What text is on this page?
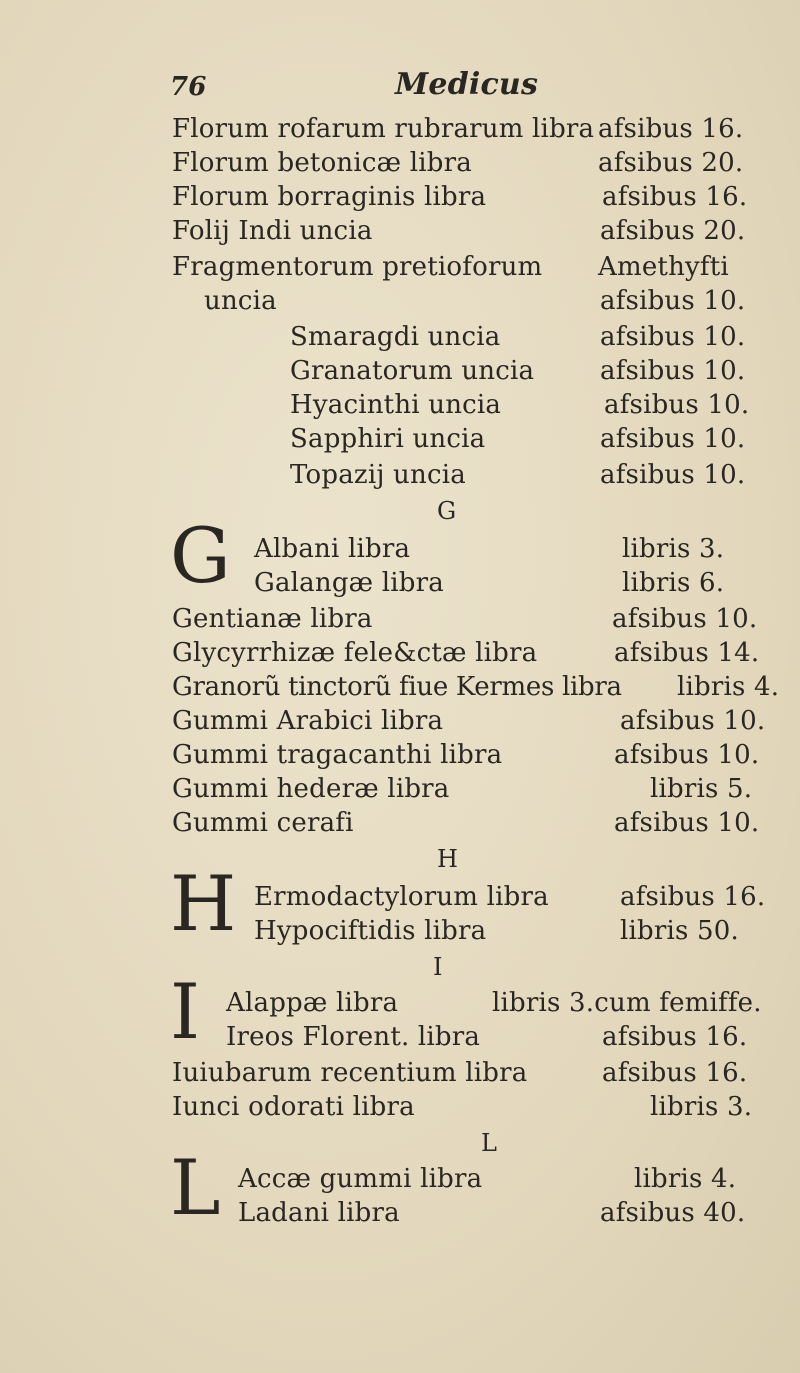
76	Medicus
Florum rofarum rubrarum libra afsibus 16.
Florum betonicæ libra	afsibus 20.
Florum borraginis libra	afsibus 16.
Folij Indi uncia	afsibus 20.
Fragmentorum pretioforum Amethyfti
uncia	afsibus 10.
Smaragdi uncia	afsibus 10.
Granatorum uncia	afsibus 10.
Hyacinthi uncia	afsibus 10.
Sapphiri uncia	afsibus 10.
Topazij uncia	afsibus 10.
G
G Albani libra	libris 3.
Galangæ libra	libris 6.
Gentianæ libra	afsibus 10.
Glycyrrhizæ fele&ctæ libra	afsibus 14.
Granorũ tinctorũ fiue Kermes libra libris 4.
Gummi Arabici libra	afsibus 10.
Gummi tragacanthi libra	afsibus 10.
Gummi hederæ libra	libris 5.
Gummi cerafi	afsibus 10.
H
H Ermodactylorum libra	afsibus 16.
Hypociftidis libra	libris 50.
I
I Alappæ libra	libris 3.cum femiffe.
Ireos Florent. libra	afsibus 16.
Iuiubarum recentium libra	afsibus 16.
Iunci odorati libra	libris 3.
L
L Accæ gummi libra	libris 4.
Ladani libra	afsibus 40.
